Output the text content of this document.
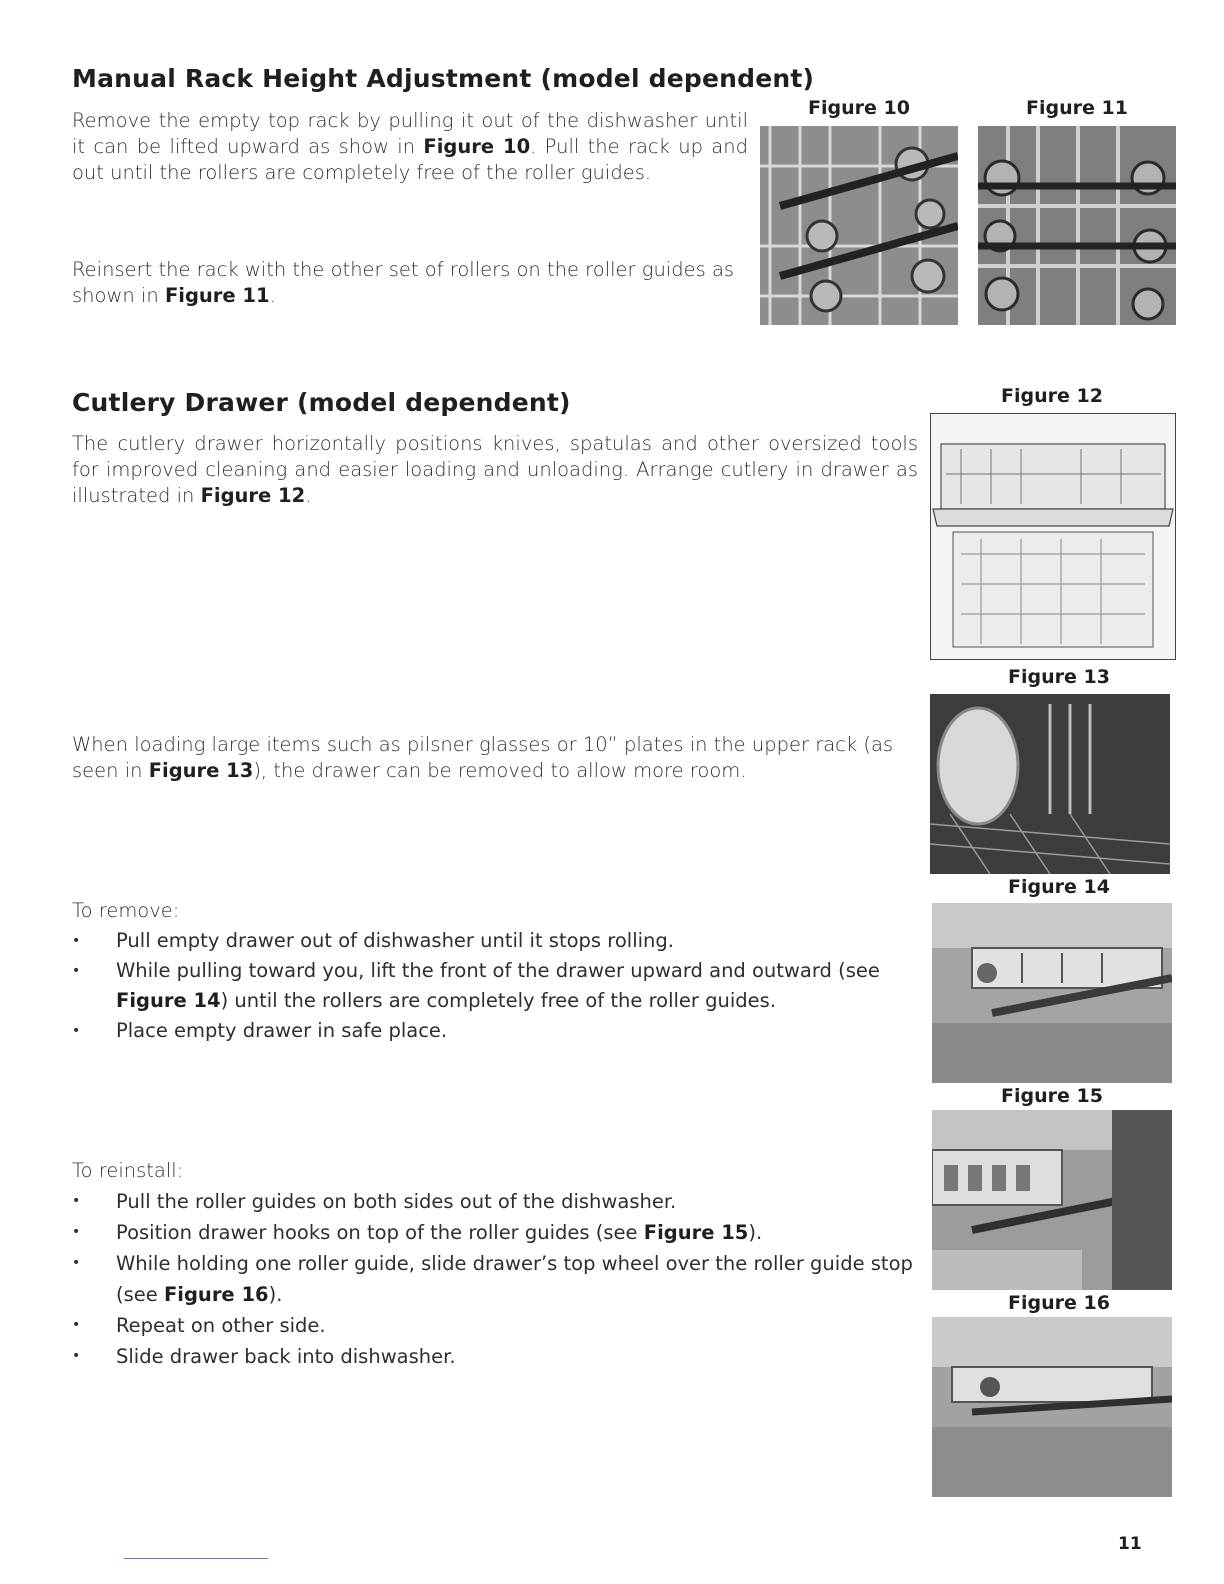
Manual Rack Height Adjustment (model dependent)
Remove the empty top rack by pulling it out of the dishwasher until it can be lifted upward as show in Figure 10. Pull the rack up and out until the rollers are completely free of the roller guides.
Reinsert the rack with the other set of rollers on the roller guides as shown in Figure 11.
Figure 10	Figure 11
Cutlery Drawer (model dependent)
The cutlery drawer horizontally positions knives, spatulas and other oversized tools for improved cleaning and easier loading and unloading. Arrange cutlery in drawer as illustrated in Figure 12.
When loading large items such as pilsner glasses or 10” plates in the upper rack (as seen in Figure 13), the drawer can be removed to allow more room.
To remove:
• Pull empty drawer out of dishwasher until it stops rolling.
• While pulling toward you, lift the front of the drawer upward and outward (see Figure 14) until the rollers are completely free of the roller guides.
• Place empty drawer in safe place.
To reinstall:
• Pull the roller guides on both sides out of the dishwasher.
• Position drawer hooks on top of the roller guides (see Figure 15).
• While holding one roller guide, slide drawer’s top wheel over the roller guide stop (see Figure 16).
• Repeat on other side.
• Slide drawer back into dishwasher.
Figure 12
Figure 13
Figure 14
Figure 15
Figure 16
11
